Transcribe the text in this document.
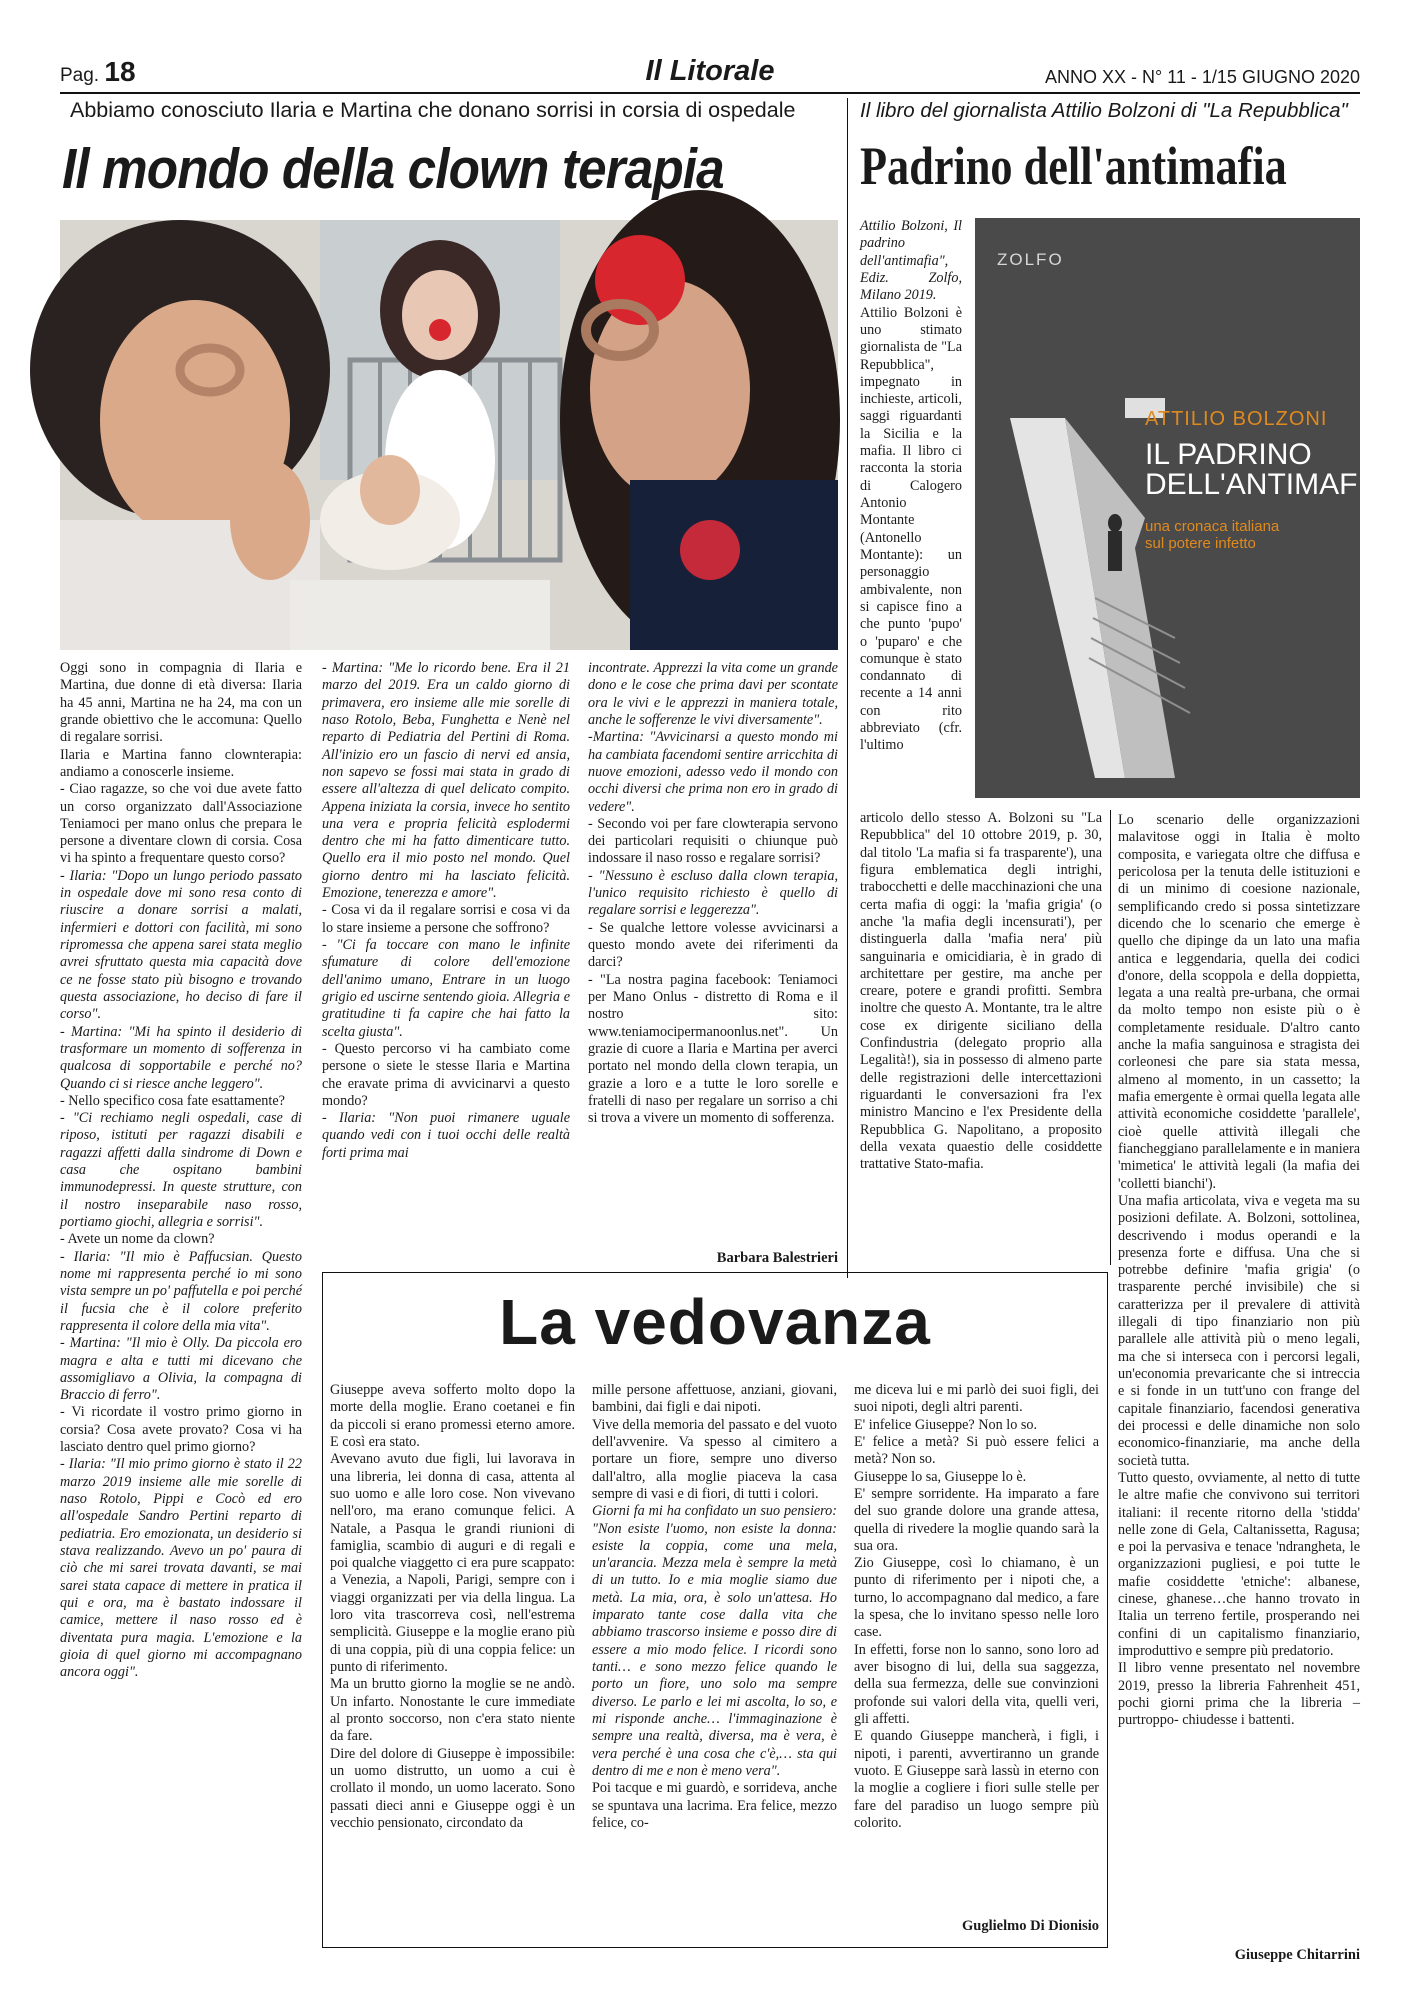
Pag. 18	Il Litorale	ANNO XX - N° 11 - 1/15 GIUGNO 2020
Abbiamo conosciuto Ilaria e Martina che donano sorrisi in corsia di ospedale
Il mondo della clown terapia

Oggi sono in compagnia di Ilaria e Martina, due donne di età diversa: Ilaria ha 45 anni, Martina ne ha 24, ma con un grande obiettivo che le accomuna: Quello di regalare sorrisi.

Ilaria e Martina fanno clownterapia: andiamo a conoscerle insieme.

- Ciao ragazze, so che voi due avete fatto un corso organizzato dall'Associazione Teniamoci per mano onlus che prepara le persone a diventare clown di corsia. Cosa vi ha spinto a frequentare questo corso?

- Ilaria: "Dopo un lungo periodo passato in ospedale dove mi sono resa conto di riuscire a donare sorrisi a malati, infermieri e dottori con facilità, mi sono ripromessa che appena sarei stata meglio avrei sfruttato questa mia capacità dove ce ne fosse stato più bisogno e trovando questa associazione, ho deciso di fare il corso".

- Martina: "Mi ha spinto il desiderio di trasformare un momento di sofferenza in qualcosa di sopportabile e perché no? Quando ci si riesce anche leggero".

- Nello specifico cosa fate esattamente?

- "Ci rechiamo negli ospedali, case di riposo, istituti per ragazzi disabili e ragazzi affetti dalla sindrome di Down e casa che ospitano bambini immunodepressi. In queste strutture, con il nostro inseparabile naso rosso, portiamo giochi, allegria e sorrisi".

- Avete un nome da clown?

- Ilaria: "Il mio è Paffucsian. Questo nome mi rappresenta perché io mi sono vista sempre un po' paffutella e poi perché il fucsia che è il colore preferito rappresenta il colore della mia vita".

- Martina: "Il mio è Olly. Da piccola ero magra e alta e tutti mi dicevano che assomigliavo a Olivia, la compagna di Braccio di ferro".

- Vi ricordate il vostro primo giorno in corsia? Cosa avete provato? Cosa vi ha lasciato dentro quel primo giorno?

- Ilaria: "Il mio primo giorno è stato il 22 marzo 2019 insieme alle mie sorelle di naso Rotolo, Pippi e Cocò ed ero all'ospedale Sandro Pertini reparto di pediatria. Ero emozionata, un desiderio si stava realizzando. Avevo un po' paura di ciò che mi sarei trovata davanti, se mai sarei stata capace di mettere in pratica il qui e ora, ma è bastato indossare il camice, mettere il naso rosso ed è diventata pura magia. L'emozione e la gioia di quel giorno mi accompagnano ancora oggi".

- Martina: "Me lo ricordo bene. Era il 21 marzo del 2019. Era un caldo giorno di primavera, ero insieme alle mie sorelle di naso Rotolo, Beba, Funghetta e Nenè nel reparto di Pediatria del Pertini di Roma. All'inizio ero un fascio di nervi ed ansia, non sapevo se fossi mai stata in grado di essere all'altezza di quel delicato compito. Appena iniziata la corsia, invece ho sentito una vera e propria felicità esplodermi dentro che mi ha fatto dimenticare tutto. Quello era il mio posto nel mondo. Quel giorno dentro mi ha lasciato felicità. Emozione, tenerezza e amore".

- Cosa vi da il regalare sorrisi e cosa vi da lo stare insieme a persone che soffrono?

- "Ci fa toccare con mano le infinite sfumature di colore dell'emozione dell'animo umano, Entrare in un luogo grigio ed uscirne sentendo gioia. Allegria e gratitudine ti fa capire che hai fatto la scelta giusta".

- Questo percorso vi ha cambiato come persone o siete le stesse Ilaria e Martina che eravate prima di avvicinarvi a questo mondo?

- Ilaria: "Non puoi rimanere uguale quando vedi con i tuoi occhi delle realtà forti prima mai

incontrate. Apprezzi la vita come un grande dono e le cose che prima davi per scontate ora le vivi e le apprezzi in maniera totale, anche le sofferenze le vivi diversamente".

-Martina: "Avvicinarsi a questo mondo mi ha cambiata facendomi sentire arricchita di nuove emozioni, adesso vedo il mondo con occhi diversi che prima non ero in grado di vedere".

- Secondo voi per fare clowterapia servono dei particolari requisiti o chiunque può indossare il naso rosso e regalare sorrisi?

- "Nessuno è escluso dalla clown terapia, l'unico requisito richiesto è quello di regalare sorrisi e leggerezza".

- Se qualche lettore volesse avvicinarsi a questo mondo avete dei riferimenti da darci?

- "La nostra pagina facebook: Teniamoci per Mano Onlus - distretto di Roma e il nostro sito: www.teniamocipermanoonlus.net". Un grazie di cuore a Ilaria e Martina per averci portato nel mondo della clown terapia, un grazie a loro e a tutte le loro sorelle e fratelli di naso per regalare un sorriso a chi si trova a vivere un momento di sofferenza.

Barbara Balestrieri
Il libro del giornalista Attilio Bolzoni di "La Repubblica"
Padrino dell'antimafia

Attilio Bolzoni, Il padrino dell'antimafia", Ediz. Zolfo, Milano 2019.

Attilio Bolzoni è uno stimato giornalista de "La Repubblica", impegnato in inchieste, articoli, saggi riguardanti la Sicilia e la mafia. Il libro ci racconta la storia di Calogero Antonio Montante (Antonello Montante): un personaggio ambivalente, non si capisce fino a che punto 'pupo' o 'puparo' e che comunque è stato condannato di recente a 14 anni con rito abbreviato (cfr. l'ultimo

ZOLFO
ATTILIO BOLZONI
IL PADRINO
DELL'ANTIMAFIA
una cronaca italiana
sul potere infetto

articolo dello stesso A. Bolzoni su "La Repubblica" del 10 ottobre 2019, p. 30, dal titolo 'La mafia si fa trasparente'), una figura emblematica degli intrighi, trabocchetti e delle macchinazioni che una certa mafia di oggi: la 'mafia grigia' (o anche 'la mafia degli incensurati'), per distinguerla dalla 'mafia nera' più sanguinaria e omicidiaria, è in grado di architettare per gestire, ma anche per creare, potere e grandi profitti. Sembra inoltre che questo A. Montante, tra le altre cose ex dirigente siciliano della Confindustria (delegato proprio alla Legalità!), sia in possesso di almeno parte delle registrazioni delle intercettazioni riguardanti le conversazioni fra l'ex ministro Mancino e l'ex Presidente della Repubblica G. Napolitano, a proposito della vexata quaestio delle cosiddette trattative Stato-mafia.

Lo scenario delle organizzazioni malavitose oggi in Italia è molto composita, e variegata oltre che diffusa e pericolosa per la tenuta delle istituzioni e di un minimo di coesione nazionale, semplificando credo si possa sintetizzare dicendo che lo scenario che emerge è quello che dipinge da un lato una mafia antica e leggendaria, quella dei codici d'onore, della scoppola e della doppietta, legata a una realtà pre-urbana, che ormai da molto tempo non esiste più o è completamente residuale. D'altro canto anche la mafia sanguinosa e stragista dei corleonesi che pare sia stata messa, almeno al momento, in un cassetto; la mafia emergente è ormai quella legata alle attività economiche cosiddette 'parallele', cioè quelle attività illegali che fiancheggiano parallelamente e in maniera 'mimetica' le attività legali (la mafia dei 'colletti bianchi').

Una mafia articolata, viva e vegeta ma su posizioni defilate. A. Bolzoni, sottolinea, descrivendo i modus operandi e la presenza forte e diffusa. Una che si potrebbe definire 'mafia grigia' (o trasparente perché invisibile) che si caratterizza per il prevalere di attività illegali di tipo finanziario non più parallele alle attività più o meno legali, ma che si interseca con i percorsi legali, un'economia prevaricante che si intreccia e si fonde in un tutt'uno con frange del capitale finanziario, facendosi generativa dei processi e delle dinamiche non solo economico-finanziarie, ma anche della società tutta.

Tutto questo, ovviamente, al netto di tutte le altre mafie che convivono sui territori italiani: il recente ritorno della 'stidda' nelle zone di Gela, Caltanissetta, Ragusa; e poi la pervasiva e tenace 'ndrangheta, le organizzazioni pugliesi, e poi tutte le mafie cosiddette 'etniche': albanese, cinese, ghanese…che hanno trovato in Italia un terreno fertile, prosperando nei confini di un capitalismo finanziario, improduttivo e sempre più predatorio.

Il libro venne presentato nel novembre 2019, presso la libreria Fahrenheit 451, pochi giorni prima che la libreria –purtroppo- chiudesse i battenti.

Giuseppe Chitarrini
La vedovanza

Giuseppe aveva sofferto molto dopo la morte della moglie. Erano coetanei e fin da piccoli si erano promessi eterno amore. E così era stato.

Avevano avuto due figli, lui lavorava in una libreria, lei donna di casa, attenta al suo uomo e alle loro cose. Non vivevano nell'oro, ma erano comunque felici. A Natale, a Pasqua le grandi riunioni di famiglia, scambio di auguri e di regali e poi qualche viaggetto ci era pure scappato: a Venezia, a Napoli, Parigi, sempre con i viaggi organizzati per via della lingua. La loro vita trascorreva così, nell'estrema semplicità. Giuseppe e la moglie erano più di una coppia, più di una coppia felice: un punto di riferimento.

Ma un brutto giorno la moglie se ne andò. Un infarto. Nonostante le cure immediate al pronto soccorso, non c'era stato niente da fare.

Dire del dolore di Giuseppe è impossibile: un uomo distrutto, un uomo a cui è crollato il mondo, un uomo lacerato. Sono passati dieci anni e Giuseppe oggi è un vecchio pensionato, circondato da

mille persone affettuose, anziani, giovani, bambini, dai figli e dai nipoti.

Vive della memoria del passato e del vuoto dell'avvenire. Va spesso al cimitero a portare un fiore, sempre uno diverso dall'altro, alla moglie piaceva la casa sempre di vasi e di fiori, di tutti i colori.

Giorni fa mi ha confidato un suo pensiero: "Non esiste l'uomo, non esiste la donna: esiste la coppia, come una mela, un'arancia. Mezza mela è sempre la metà di un tutto. Io e mia moglie siamo due metà. La mia, ora, è solo un'attesa. Ho imparato tante cose dalla vita che abbiamo trascorso insieme e posso dire di essere a mio modo felice. I ricordi sono tanti… e sono mezzo felice quando le porto un fiore, uno solo ma sempre diverso. Le parlo e lei mi ascolta, lo so, e mi risponde anche… l'immaginazione è sempre una realtà, diversa, ma è vera, è vera perché è una cosa che c'è,… sta qui dentro di me e non è meno vera".

Poi tacque e mi guardò, e sorridevа, anche se spuntava una lacrima. Era felice, mezzo felice, co-

me diceva lui e mi parlò dei suoi figli, dei suoi nipoti, degli altri parenti.

E' infelice Giuseppe? Non lo so.

E' felice a metà? Si può essere felici a metà? Non so.

Giuseppe lo sa, Giuseppe lo è.

E' sempre sorridente. Ha imparato a fare del suo grande dolore una grande attesa, quella di rivedere la moglie quando sarà la sua ora.

Zio Giuseppe, così lo chiamano, è un punto di riferimento per i nipoti che, a turno, lo accompagnano dal medico, a fare la spesa, che lo invitano spesso nelle loro case.

In effetti, forse non lo sanno, sono loro ad aver bisogno di lui, della sua saggezza, della sua fermezza, delle sue convinzioni profonde sui valori della vita, quelli veri, gli affetti.

E quando Giuseppe mancherà, i figli, i nipoti, i parenti, avvertiranno un grande vuoto. E Giuseppe sarà lassù in eterno con la moglie a cogliere i fiori sulle stelle per fare del paradiso un luogo sempre più colorito.

Guglielmo Di Dionisio
